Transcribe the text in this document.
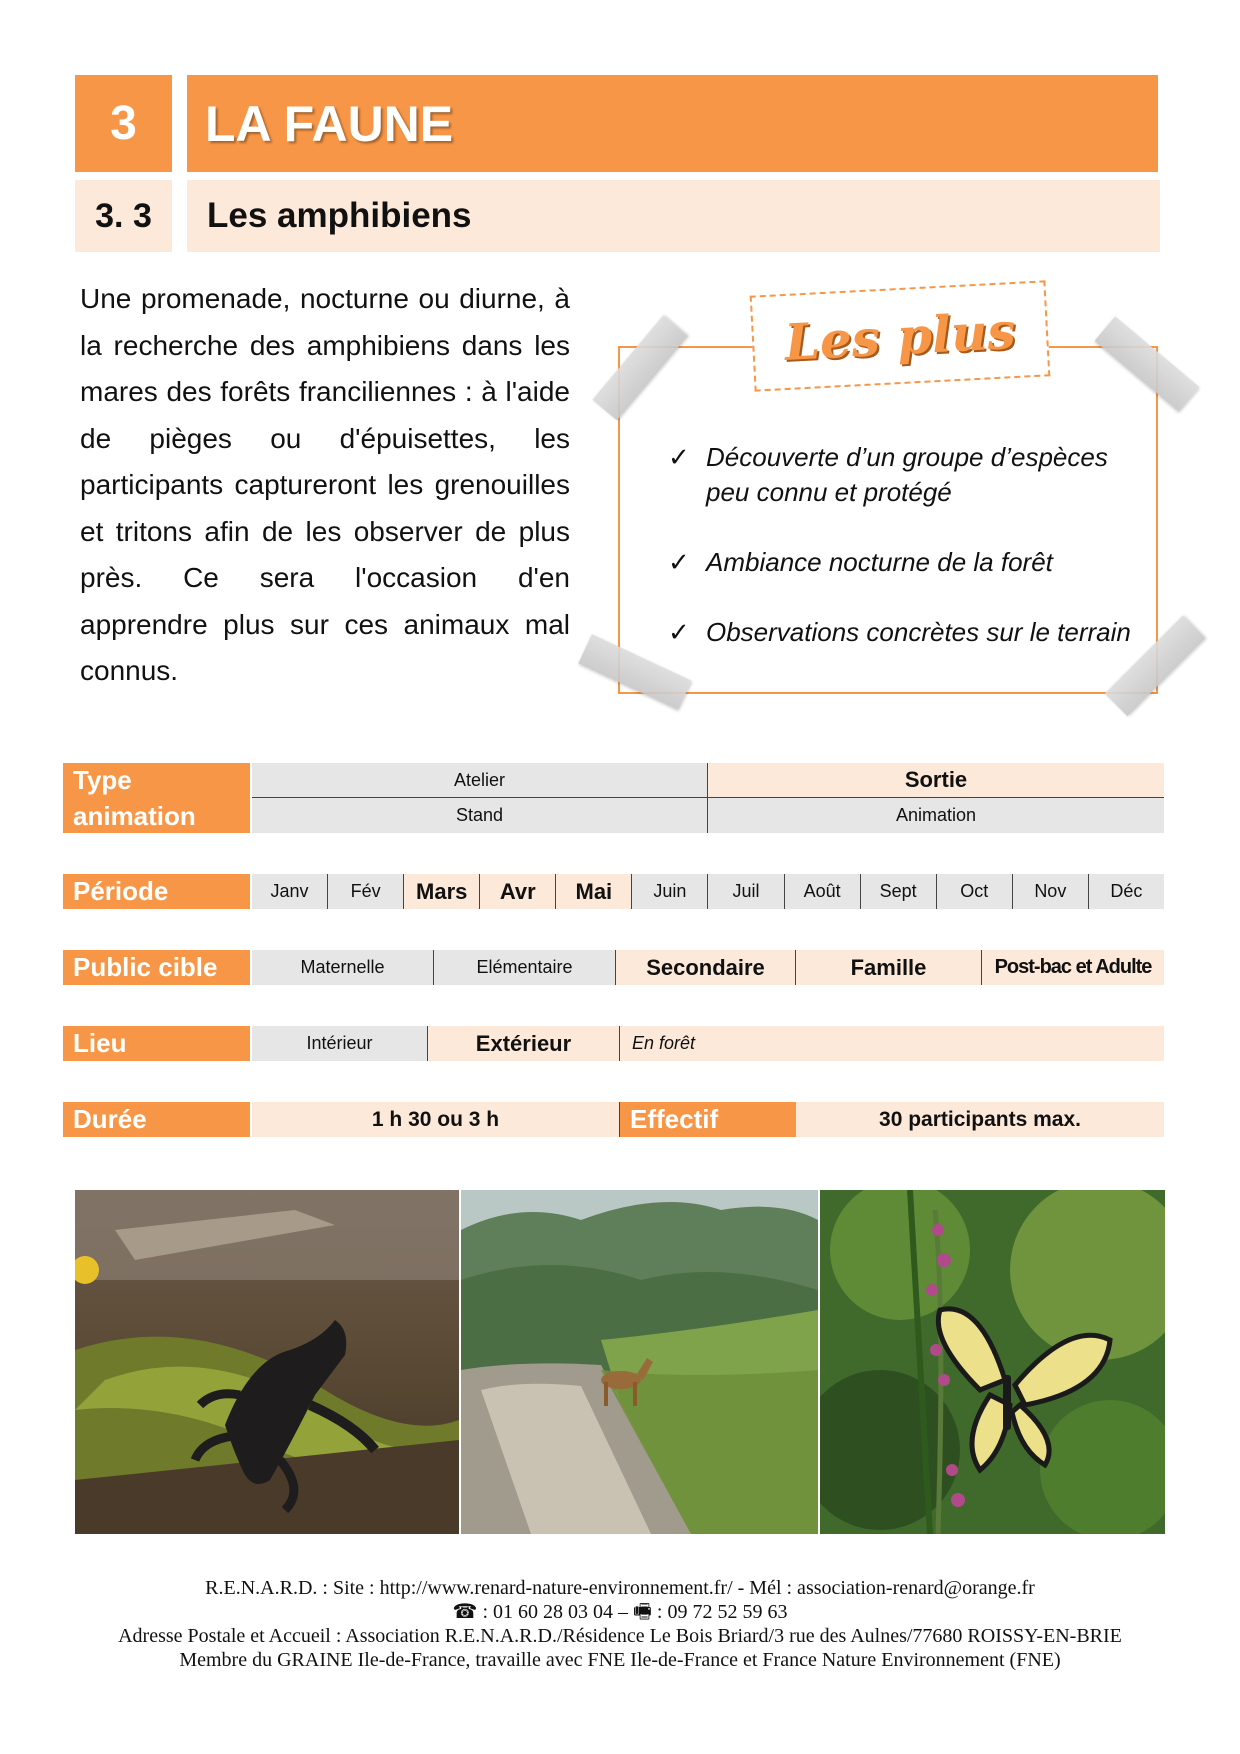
3	LA FAUNE
3. 3	Les amphibiens

Une promenade, nocturne ou diurne, à la recherche des amphibiens dans les mares des forêts franciliennes : à l'aide de pièges ou d'épuisettes, les participants captureront les grenouilles et tritons afin de les observer de plus près. Ce sera l'occasion d'en apprendre plus sur ces animaux mal connus.

Les plus
✓ Découverte d’un groupe d’espèces peu connu et protégé
✓ Ambiance nocturne de la forêt
✓ Observations concrètes sur le terrain
Type animation
Atelier	Sortie
Stand	Animation
Période	Janv	Fév	Mars	Avr	Mai	Juin	Juil	Août	Sept	Oct	Nov	Déc
Public cible	Maternelle	Elémentaire	Secondaire	Famille	Post-bac et Adulte
Lieu	Intérieur	Extérieur	En forêt
Durée	1 h 30 ou 3 h	Effectif	30 participants max.
R.E.N.A.R.D. : Site : http://www.renard-nature-environnement.fr/ - Mél : association-renard@orange.fr
☎ : 01 60 28 03 04 – 🖷 : 09 72 52 59 63
Adresse Postale et Accueil : Association R.E.N.A.R.D./Résidence Le Bois Briard/3 rue des Aulnes/77680 ROISSY-EN-BRIE
Membre du GRAINE Ile-de-France, travaille avec FNE Ile-de-France et France Nature Environnement (FNE)
